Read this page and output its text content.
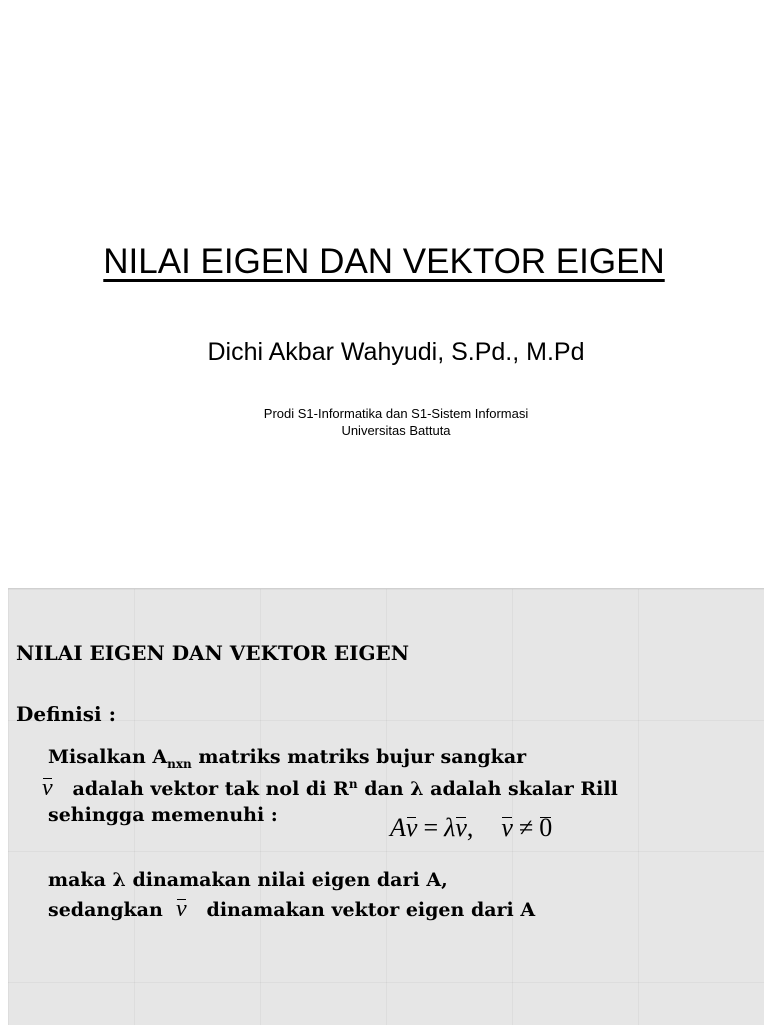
NILAI EIGEN DAN VEKTOR EIGEN
Dichi Akbar Wahyudi, S.Pd., M.Pd
Prodi S1-Informatika dan S1-Sistem Informasi
Universitas Battuta
NILAI EIGEN DAN VEKTOR EIGEN
Definisi :
Misalkan $A_{nxn}$ matriks matriks bujur sangkar
v adalah vektor tak nol di $R^n$ dan λ adalah skalar Rill
sehingga memenuhi :	Av = λv, v ≠ 0
maka λ dinamakan nilai eigen dari A,
sedangkan v dinamakan vektor eigen dari A
